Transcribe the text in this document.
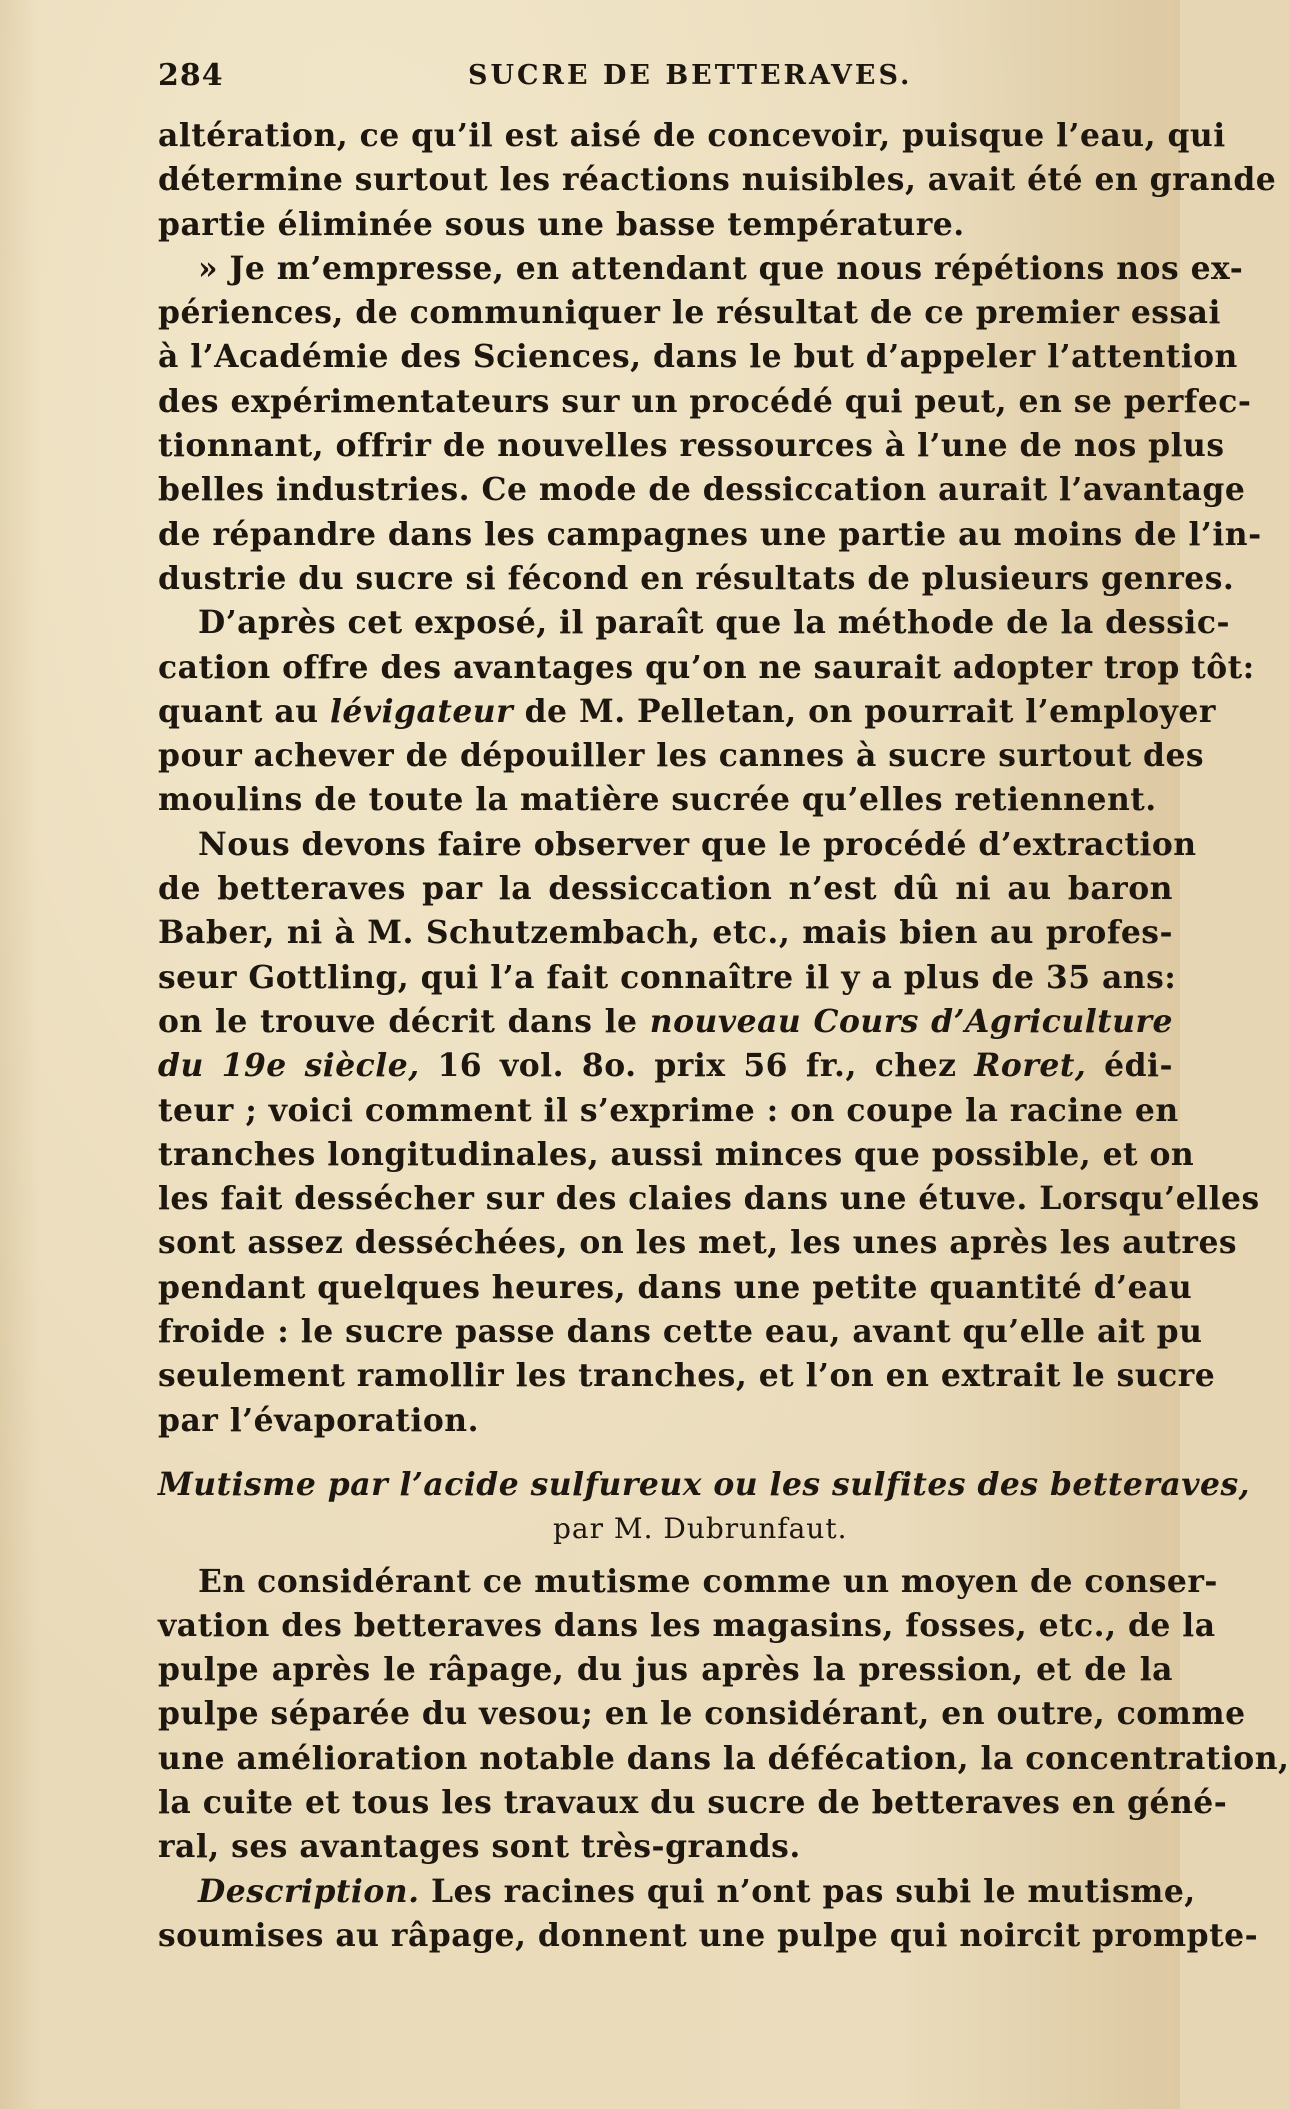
284	SUCRE DE BETTERAVES.
altération, ce qu’il est aisé de concevoir, puisque l’eau, qui
détermine surtout les réactions nuisibles, avait été en grande
partie éliminée sous une basse température.
» Je m’empresse, en attendant que nous répétions nos ex-
périences, de communiquer le résultat de ce premier essai
à l’Académie des Sciences, dans le but d’appeler l’attention
des expérimentateurs sur un procédé qui peut, en se perfec-
tionnant, offrir de nouvelles ressources à l’une de nos plus
belles industries. Ce mode de dessiccation aurait l’avantage
de répandre dans les campagnes une partie au moins de l’in-
dustrie du sucre si fécond en résultats de plusieurs genres.
D’après cet exposé, il paraît que la méthode de la dessic-
cation offre des avantages qu’on ne saurait adopter trop tôt:
quant au lévigateur de M. Pelletan, on pourrait l’employer
pour achever de dépouiller les cannes à sucre surtout des
moulins de toute la matière sucrée qu’elles retiennent.
Nous devons faire observer que le procédé d’extraction
de betteraves par la dessiccation n’est dû ni au baron
Baber, ni à M. Schutzembach, etc., mais bien au profes-
seur Gottling, qui l’a fait connaître il y a plus de 35 ans:
on le trouve décrit dans le nouveau Cours d’Agriculture
du 19e siècle, 16 vol. 8o. prix 56 fr., chez Roret, édi-
teur ; voici comment il s’exprime : on coupe la racine en
tranches longitudinales, aussi minces que possible, et on
les fait dessécher sur des claies dans une étuve. Lorsqu’elles
sont assez desséchées, on les met, les unes après les autres
pendant quelques heures, dans une petite quantité d’eau
froide : le sucre passe dans cette eau, avant qu’elle ait pu
seulement ramollir les tranches, et l’on en extrait le sucre
par l’évaporation.
Mutisme par l’acide sulfureux ou les sulfites des betteraves,
par M. Dubrunfaut.
En considérant ce mutisme comme un moyen de conser-
vation des betteraves dans les magasins, fosses, etc., de la
pulpe après le râpage, du jus après la pression, et de la
pulpe séparée du vesou; en le considérant, en outre, comme
une amélioration notable dans la défécation, la concentration,
la cuite et tous les travaux du sucre de betteraves en géné-
ral, ses avantages sont très-grands.
Description. Les racines qui n’ont pas subi le mutisme,
soumises au râpage, donnent une pulpe qui noircit prompte-
